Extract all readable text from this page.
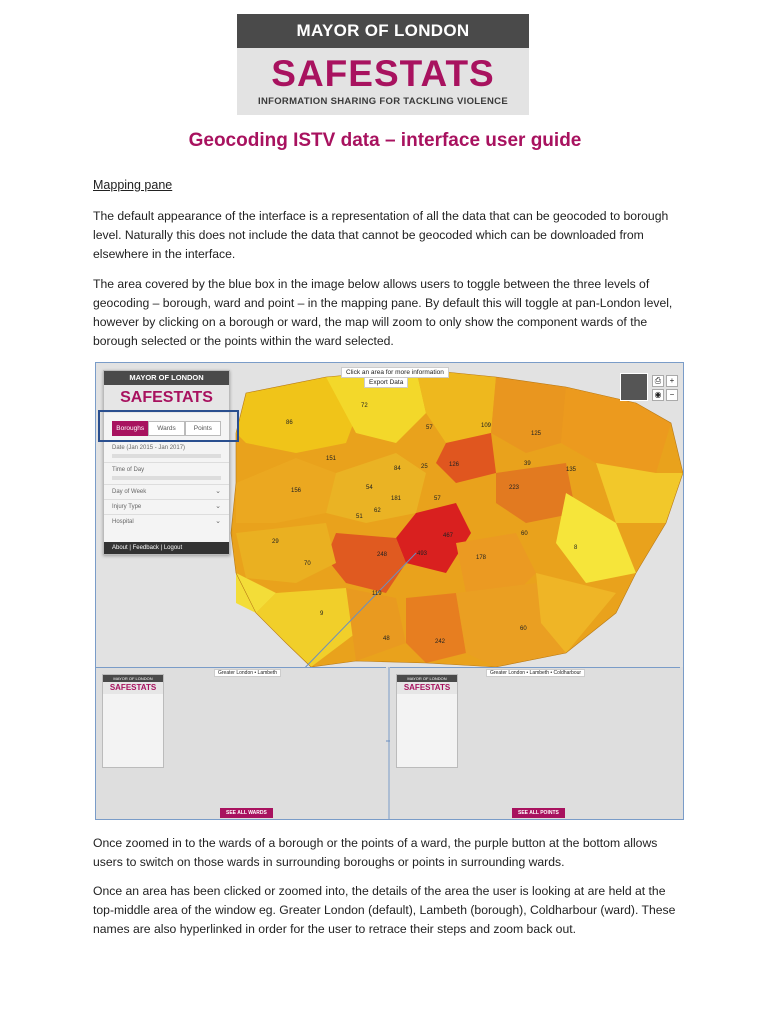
MAYOR OF LONDON
SAFESTATS
INFORMATION SHARING FOR TACKLING VIOLENCE
Geocoding ISTV data – interface user guide
Mapping pane

The default appearance of the interface is a representation of all the data that can be geocoded to borough level. Naturally this does not include the data that cannot be geocoded which can be downloaded from elsewhere in the interface.

The area covered by the blue box in the image below allows users to toggle between the three levels of geocoding – borough, ward and point – in the mapping pane. By default this will toggle at pan-London level, however by clicking on a borough or ward, the map will zoom to only show the component wards of the borough selected or the points within the ward selected.

72
86
57	109
125
135
151
84	25	126
156	223
181
54
57
51
62
60
248	493
467
178
29
70
119
9
48	242
60
8
39
Click an area for more information
Export Data	⎙	+
◉	−
MAYOR OF LONDON
SAFESTATS
Boroughs	Wards	Points
Date (Jan 2015 - Jan 2017)
Time of Day
Day of Week	⌄
Injury Type	⌄
Hospital	⌄
About | Feedback | Logout
MAYOR OF LONDON
SAFESTATS
Greater London • Lambeth
SEE ALL WARDS
MAYOR OF LONDON
SAFESTATS
Greater London • Lambeth • Coldharbour
SEE ALL POINTS

Once zoomed in to the wards of a borough or the points of a ward, the purple button at the bottom allows users to switch on those wards in surrounding boroughs or points in surrounding wards.

Once an area has been clicked or zoomed into, the details of the area the user is looking at are held at the top-middle area of the window eg. Greater London (default), Lambeth (borough), Coldharbour (ward). These names are also hyperlinked in order for the user to retrace their steps and zoom back out.
